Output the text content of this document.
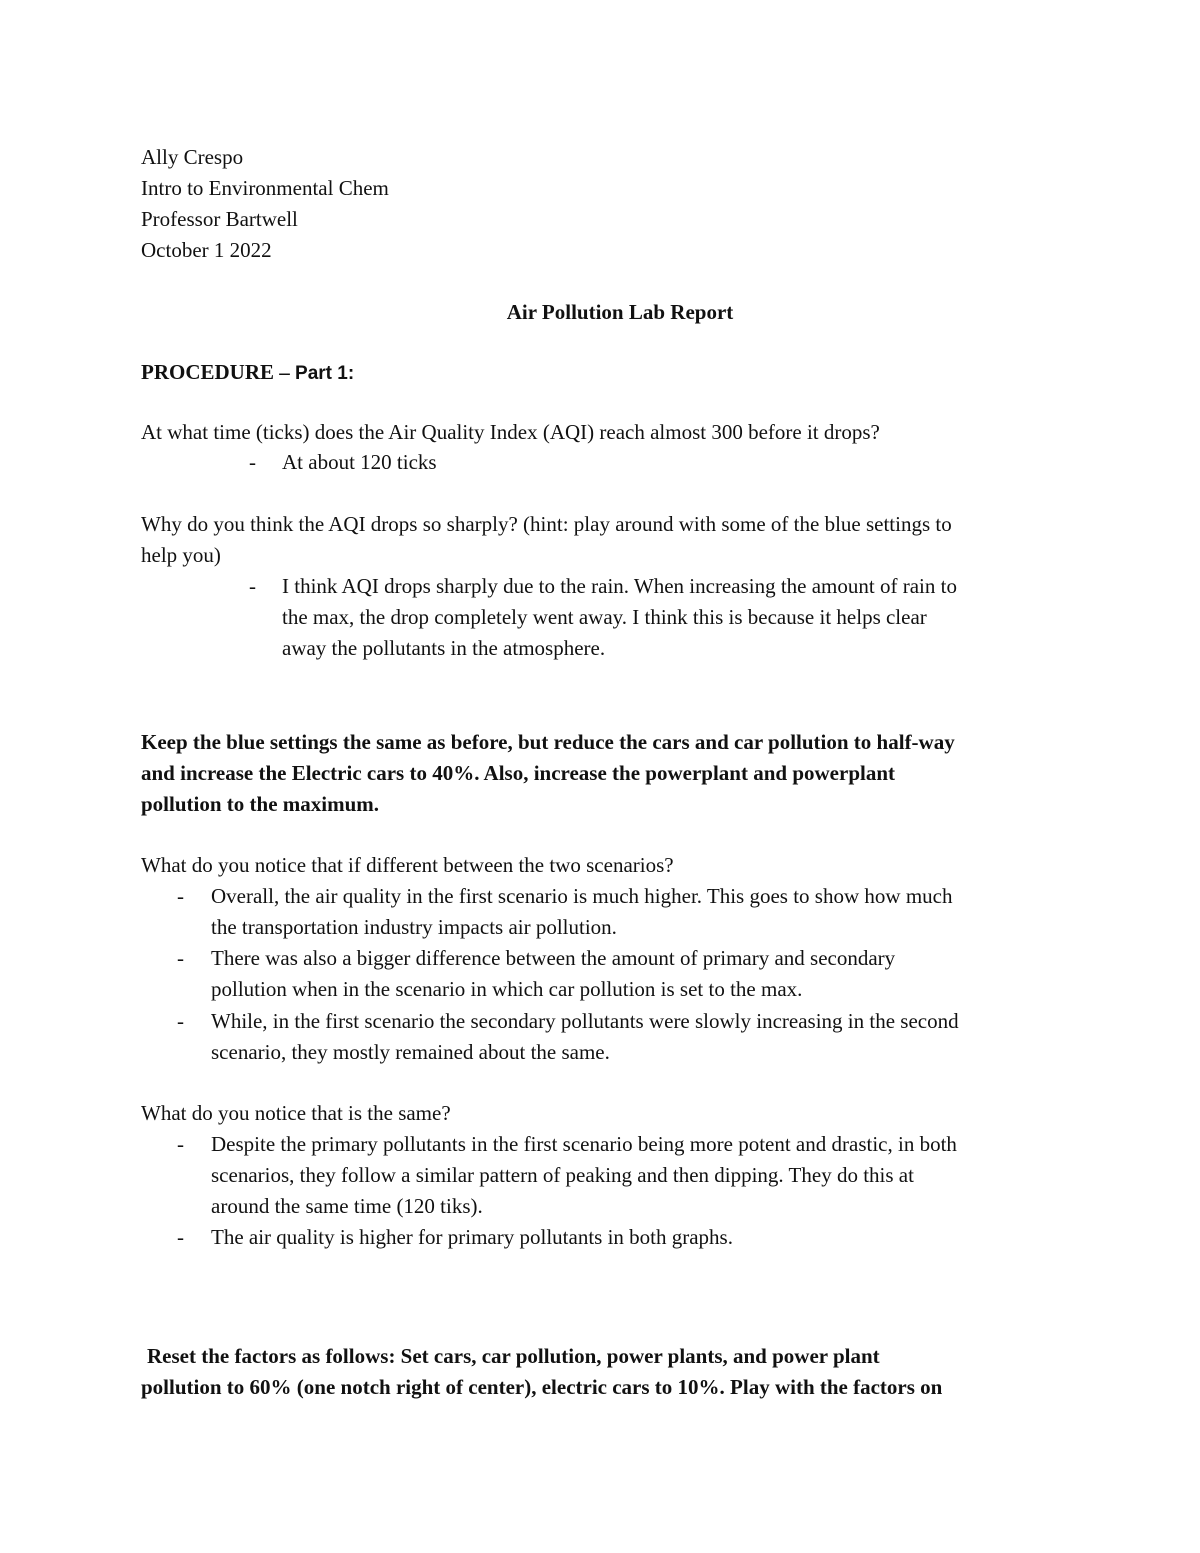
Ally Crespo
Intro to Environmental Chem
Professor Bartwell
October 1 2022
Air Pollution Lab Report
PROCEDURE – Part 1:
At what time (ticks) does the Air Quality Index (AQI) reach almost 300 before it drops?
- At about 120 ticks
Why do you think the AQI drops so sharply? (hint: play around with some of the blue settings to
help you)
- I think AQI drops sharply due to the rain. When increasing the amount of rain to
the max, the drop completely went away. I think this is because it helps clear
away the pollutants in the atmosphere.
Keep the blue settings the same as before, but reduce the cars and car pollution to half-way
and increase the Electric cars to 40%. Also, increase the powerplant and powerplant
pollution to the maximum.
What do you notice that if different between the two scenarios?
- Overall, the air quality in the first scenario is much higher. This goes to show how much
the transportation industry impacts air pollution.
- There was also a bigger difference between the amount of primary and secondary
pollution when in the scenario in which car pollution is set to the max.
- While, in the first scenario the secondary pollutants were slowly increasing in the second
scenario, they mostly remained about the same.
What do you notice that is the same?
- Despite the primary pollutants in the first scenario being more potent and drastic, in both
scenarios, they follow a similar pattern of peaking and then dipping. They do this at
around the same time (120 tiks).
- The air quality is higher for primary pollutants in both graphs.
Reset the factors as follows: Set cars, car pollution, power plants, and power plant
pollution to 60% (one notch right of center), electric cars to 10%. Play with the factors on
